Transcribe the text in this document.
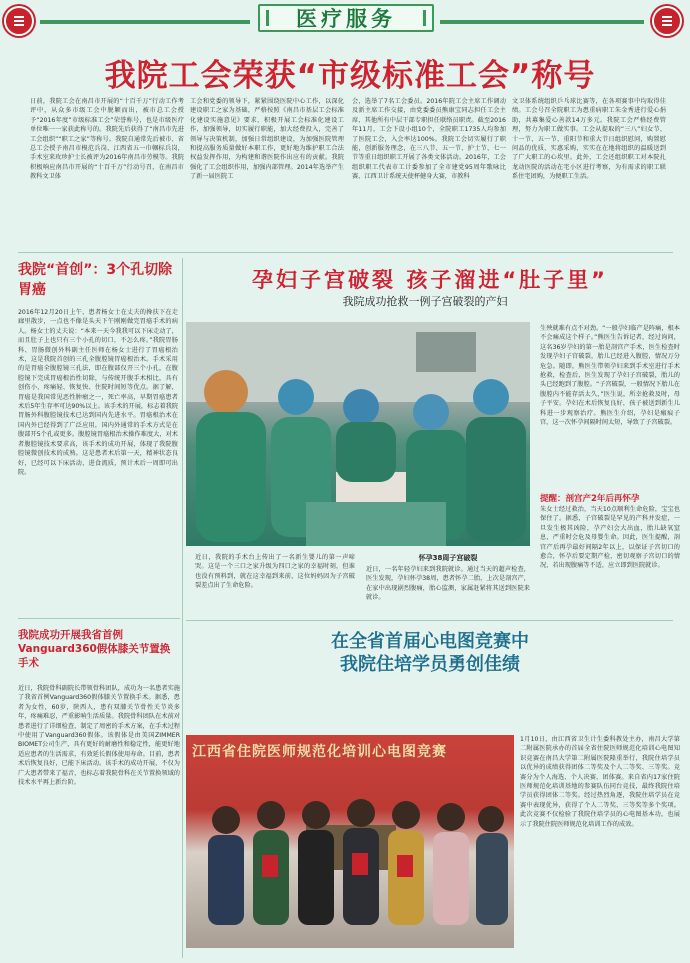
医疗服务
我院工会荣获“市级标准工会”称号
日前，我院工会在南昌市开展的“十百千万”行动工作考评中，从众多市级工会中脱颖而出，被市总工会授予“2016年度”市级标准工会”荣誉称号，也是市级医疗单位唯一一家获此称号的。我院先后获得了“南昌市先进工会组织”“职工之家”等称号。我院自通常先后被市、省总工会授予南昌市模范兵岗、江西省五一巾帼标兵岗，手术室来玫珍护士长被评为2016年南昌市劳模等。我院积极响应南昌市开展的“十百千万”行动号召，在南昌市教科文卫体
工会和党委的领导下，紧紧围绕医院中心工作，以深化建设职工之家为基础，严格按照《南昌市基层工会标准化建设实施意见》要求，积极开展工会标准化建设工作，加强领导，切实履行职能，加大经费投入，完善了领导与决策机制，加强日常组织建设，为加强医院管理和提高服务质量做好本职工作，更好地为维护职工合法权益发挥作用，为构建和谐医院作出应有的贡献。我院强化了工会组织作用，加强内部管理。2014年选举产生了新一届医院工
会，选举了7名工会委员。2016年院工会主席工作调动及新主席工作交接，由党委委员熊康宝同志担任工会主席，其他所有中层干部专职担任联络员职责。截至2016年11月，工会下设小组10个，全院职工1735人均参加了医院工会，入会率达100%。我院工会切实履行了职能，创新服务理念，在三八节、五一节、护士节、七一节等重日组织职工开展了各类文体活动。2016年，工会组织职工代表市工计委参加了全市建党95周年歌咏比赛、江西卫计系统天使杯健身大赛，市教科
文卫体系统组织乒乓球比赛等，在各项赛事中均取得佳绩。工会号召全院职工为患重病职工朱金秀进行爱心捐助，共募集爱心善款14万多元。我院工会严格经费管理，努力为职工做实事。工会从提取的“三八”妇女节、十一节、五一节、重阳节和重大节日组织慰问，购置慰问品的优质、实惠采购，实实在在地将组织的温暖送到了广大职工的心坎里。此外，工会还组织职工对本院扎龙动医院的活动在宅小区进行考察，为有需求的职工联系住宅团购，为便职工生活。
我院“首创”：3个孔切除胃癌
2016年12月20日上午，患者杨女士在丈夫的搀扶下在走廊里散步，一点也不像是头天下午刚刚做完胃癌手术的病人。杨女士的丈夫说：“本来一天今我我可以下床走动了，而且肚子上也只有三个小孔的切口，不怎么疼。”我院胃肠科、胃肠微创外科副主任医师在杨女士进行了胃癌根治术，这是我院首创的三孔全腹腔镜胃癌根治术。手术采用的是胃癌全腹腔镜三孔法，即在腹部仅开三个小孔，在腹腔镜下完成胃癌根治性切除，与传统开腹手术相比，具有创伤小、疼痛轻、恢复快、住院时间短等优点。据了解，胃癌是我国常见恶性肿瘤之一，死亡率高，早期胃癌患者术后5年生存率可达90%以上。该手术的开展，标志着我院胃肠外科腹腔镜技术已达到国内先进水平。胃癌根治术在国内外已经得到了广泛应用，国内外通常的手术方式是在腹部开5个孔或更多。腹腔镜胃癌根治术操作难度大，对术者腹腔镜技术要求高，该手术的成功开展，体现了我院腹腔镜微创技术的成熟。这是患者术后第一天，精神状态良好，已经可以下床活动、进食流质，预计术后一周即可出院。
孕妇子宫破裂 孩子溜进“肚子里”
我院成功抢救一例子宫破裂的产妇
生殃就难有点不对劲。“一般孕妇临产是阵痛，根本不会痛成这个样子。”熊医生告诉记者，经过询问，这名36岁孕妇的第一胎是剖宫产手术，医生检查时发现孕妇子宫破裂，胎儿已经进入腹腔，情况万分危急。随即，熊医生带领孕妇来到手术室进行手术抢救，检查后，医生发现了孕妇子宫破裂，胎儿的头已经跑到了腹腔。“子宫破裂，一般情况下胎儿在腹腔内不能存活太久，”医生说，所幸抢救及时，母子平安。孕妇在术后恢复良好，孩子被送到新生儿科进一步观察治疗。熊医生介绍，孕妇是瘢痕子宫，这一次怀孕间隔时间太短，导致了子宫破裂。
提醒：剖宫产2年后再怀孕
朱女士经过救治，当天10点顺利生命危险，宝宝也保住了。据悉，子宫破裂是罕见的产科并发症，一旦发生极其凶险，孕产妇会大出血，胎儿缺氧窒息，严重时会危及母婴生命。因此，医生提醒，剖宫产后再孕最好间隔2年以上，以保证子宫切口的愈合，怀孕后要定期产检，密切观察子宫切口的情况，若出现腹痛等不适，应立即到医院就诊。
近日，我院的手术台上传出了一名新生婴儿的第一声啼哭。这是一个三口之家升级为四口之家的幸福时刻，但谁也没有预料到，就在这幸福到来前，这位妈妈因为子宫破裂差点出了生命危险。
怀孕38周子宫破裂
近日，一名年轻孕妇来到我院就诊。通过当天的超声检查，医生发现，孕妇怀孕38周，患者怀孕二胎，上次是剖宫产，在家中出现剧烈腹痛，胎心监测，家属赶紧将其送到医院来就诊。
我院成功开展我省首例Vanguard360假体膝关节置换手术
近日，我院骨科副院长带领骨科团队，成功为一名患者实施了我省首例Vanguard360假体膝关节置换手术。据悉，患者为女性，60岁，陕西人，患有双膝关节骨性关节炎多年，疼痛难忍，严重影响生活质量。我院骨科团队在术前对患者进行了详细检查，制定了周密的手术方案，在手术过程中使用了Vanguard360假体。该假体是由美国ZIMMER BIOMET公司生产，具有更好的耐磨性和稳定性，能更好地适应患者的生活需求，有效延长假体使用寿命。目前，患者术后恢复良好，已能下床活动。该手术的成功开展，不仅为广大患者带来了福音，也标志着我院骨科在关节置换领域的技术水平再上新台阶。
在全省首届心电图竞赛中
我院住培学员勇创佳绩
江西省住院医师规范化培训心电图竞赛
1月10日，由江西省卫生计生委科教处主办，南昌大学第二附属医院承办的首届全省住院医师规范化培训心电图知识竞赛在南昌大学第二附属医院隆重举行，我院住培学员以优异的成绩获得团体二等奖及个人二等奖、三等奖。竞赛分为个人海选、个人决赛、团体赛。来自省内17家住院医师规范化培训基地的参赛队伍同台竞技，最终我院住培学员获得团体二等奖。经过热烈角逐，我院住培学员在竞赛中表现优异，获得了个人二等奖、三等奖等多个奖项。此次竞赛不仅检验了我院住培学员的心电图基本功，也展示了我院住院医师规范化培训工作的成效。
